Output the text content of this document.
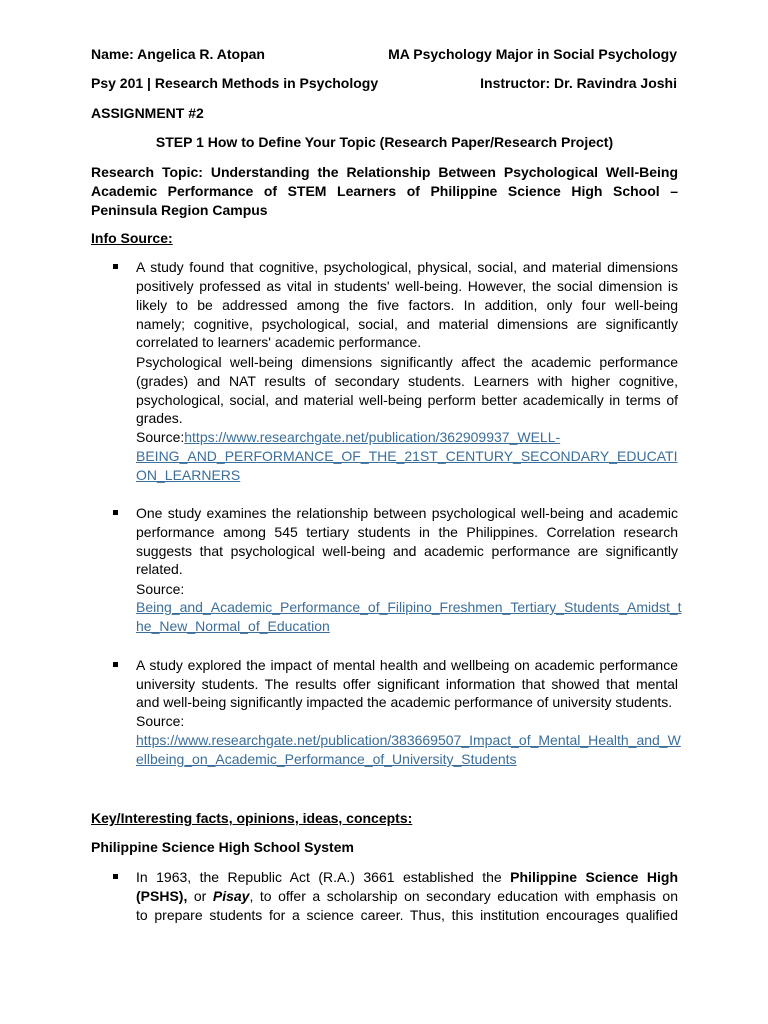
Name: Angelica R. Atopan	MA Psychology Major in Social Psychology
Psy 201 | Research Methods in Psychology	Instructor: Dr. Ravindra Joshi
ASSIGNMENT #2
STEP 1 How to Define Your Topic (Research Paper/Research Project)
Research Topic: Understanding the Relationship Between Psychological Well-Being
Academic Performance of STEM Learners of Philippine Science High School –
Peninsula Region Campus
Info Source:
A study found that cognitive, psychological, physical, social, and material dimensions
positively professed as vital in students' well-being. However, the social dimension is
likely to be addressed among the five factors. In addition, only four well-being
namely; cognitive, psychological, social, and material dimensions are significantly
correlated to learners' academic performance.
Psychological well-being dimensions significantly affect the academic performance
(grades) and NAT results of secondary students. Learners with higher cognitive,
psychological, social, and material well-being perform better academically in terms of
grades.
Source:https://www.researchgate.net/publication/362909937_WELL-
BEING_AND_PERFORMANCE_OF_THE_21ST_CENTURY_SECONDARY_EDUCATI
ON_LEARNERS
One study examines the relationship between psychological well-being and academic
performance among 545 tertiary students in the Philippines. Correlation research
suggests that psychological well-being and academic performance are significantly
related.
Source:
Being_and_Academic_Performance_of_Filipino_Freshmen_Tertiary_Students_Amidst_t
he_New_Normal_of_Education
A study explored the impact of mental health and wellbeing on academic performance
university students. The results offer significant information that showed that mental
and well-being significantly impacted the academic performance of university students.
Source:
https://www.researchgate.net/publication/383669507_Impact_of_Mental_Health_and_W
ellbeing_on_Academic_Performance_of_University_Students
Key/Interesting facts, opinions, ideas, concepts:
Philippine Science High School System
In 1963, the Republic Act (R.A.) 3661 established the Philippine Science High
(PSHS), or Pisay, to offer a scholarship on secondary education with emphasis on
to prepare students for a science career. Thus, this institution encourages qualified
